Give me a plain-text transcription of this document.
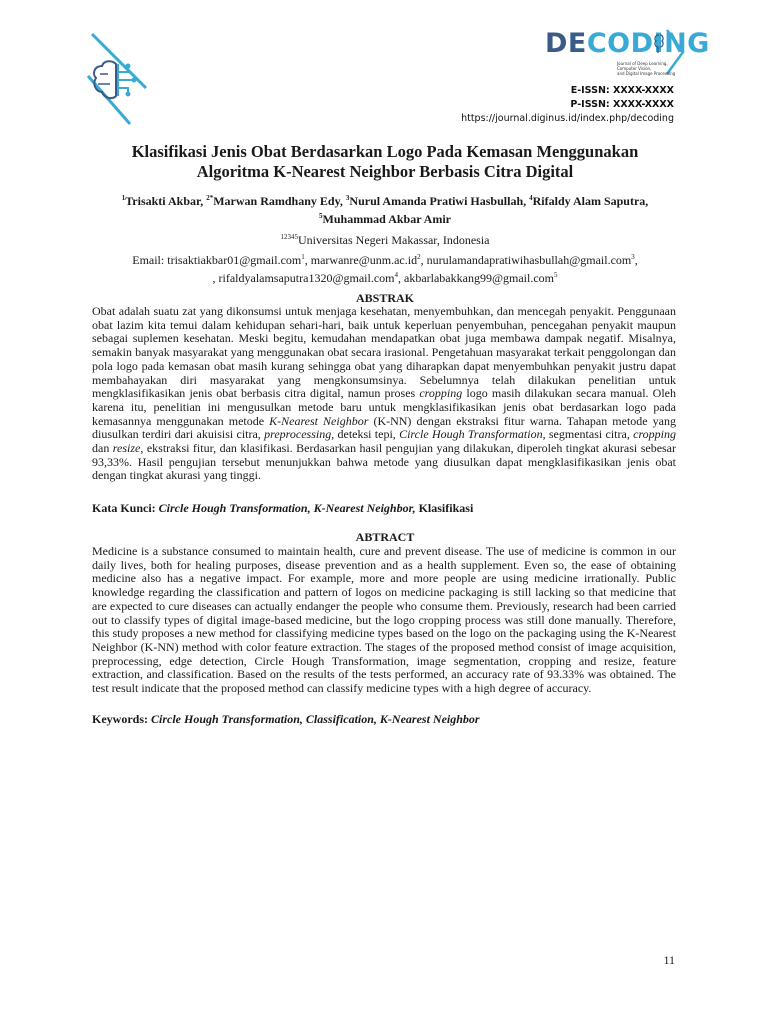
DECODING
Journal of Deep Learning, Computer Vision,
and Digital Image Processing
E-ISSN: XXXX-XXXX
P-ISSN: XXXX-XXXX
https://journal.diginus.id/index.php/decoding
Klasifikasi Jenis Obat Berdasarkan Logo Pada Kemasan Menggunakan
Algoritma K-Nearest Neighbor Berbasis Citra Digital
$^1$Trisakti Akbar, $^{2*}$Marwan Ramdhany Edy, $^3$Nurul Amanda Pratiwi Hasbullah, $^4$Rifaldy Alam Saputra,
$^5$Muhammad Akbar Amir
$^{12345}$Universitas Negeri Makassar, Indonesia
Email: trisaktiakbar01@gmail.com$^1$, $marwanre@unm.ac.id^2$, nurulamandapratiwihasbullah@gmail.com$^3$,
, rifaldyalamsaputra1320@gmail.com$^4$, akbarlabakkang99@gmail.com$^5$
ABSTRAK

Obat adalah suatu zat yang dikonsumsi untuk menjaga kesehatan, menyembuhkan, dan mencegah penyakit. Penggunaan obat lazim kita temui dalam kehidupan sehari-hari, baik untuk keperluan penyembuhan, pencegahan penyakit maupun sebagai suplemen kesehatan. Meski begitu, kemudahan mendapatkan obat juga membawa dampak negatif. Misalnya, semakin banyak masyarakat yang menggunakan obat secara irasional. Pengetahuan masyarakat terkait penggolongan dan pola logo pada kemasan obat masih kurang sehingga obat yang diharapkan dapat menyembuhkan penyakit justru dapat membahayakan diri masyarakat yang mengkonsumsinya. Sebelumnya telah dilakukan penelitian untuk mengklasifikasikan jenis obat berbasis citra digital, namun proses cropping logo masih dilakukan secara manual. Oleh karena itu, penelitian ini mengusulkan metode baru untuk mengklasifikasikan jenis obat berdasarkan logo pada kemasannya menggunakan metode K-Nearest Neighbor (K-NN) dengan ekstraksi fitur warna. Tahapan metode yang diusulkan terdiri dari akuisisi citra, preprocessing, deteksi tepi, Circle Hough Transformation, segmentasi citra, cropping dan resize, ekstraksi fitur, dan klasifikasi. Berdasarkan hasil pengujian yang dilakukan, diperoleh tingkat akurasi sebesar 93,33%. Hasil pengujian tersebut menunjukkan bahwa metode yang diusulkan dapat mengklasifikasikan jenis obat dengan tingkat akurasi yang tinggi.

Kata Kunci: Circle Hough Transformation, K-Nearest Neighbor, Klasifikasi
ABTRACT

Medicine is a substance consumed to maintain health, cure and prevent disease. The use of medicine is common in our daily lives, both for healing purposes, disease prevention and as a health supplement. Even so, the ease of obtaining medicine also has a negative impact. For example, more and more people are using medicine irrationally. Public knowledge regarding the classification and pattern of logos on medicine packaging is still lacking so that medicine that are expected to cure diseases can actually endanger the people who consume them. Previously, research had been carried out to classify types of digital image-based medicine, but the logo cropping process was still done manually. Therefore, this study proposes a new method for classifying medicine types based on the logo on the packaging using the K-Nearest Neighbor (K-NN) method with color feature extraction. The stages of the proposed method consist of image acquisition, preprocessing, edge detection, Circle Hough Transformation, image segmentation, cropping and resize, feature extraction, and classification. Based on the results of the tests performed, an accuracy rate of 93.33% was obtained. The test result indicate that the proposed method can classify medicine types with a high degree of accuracy.

Keywords: Circle Hough Transformation, Classification, K-Nearest Neighbor
11
